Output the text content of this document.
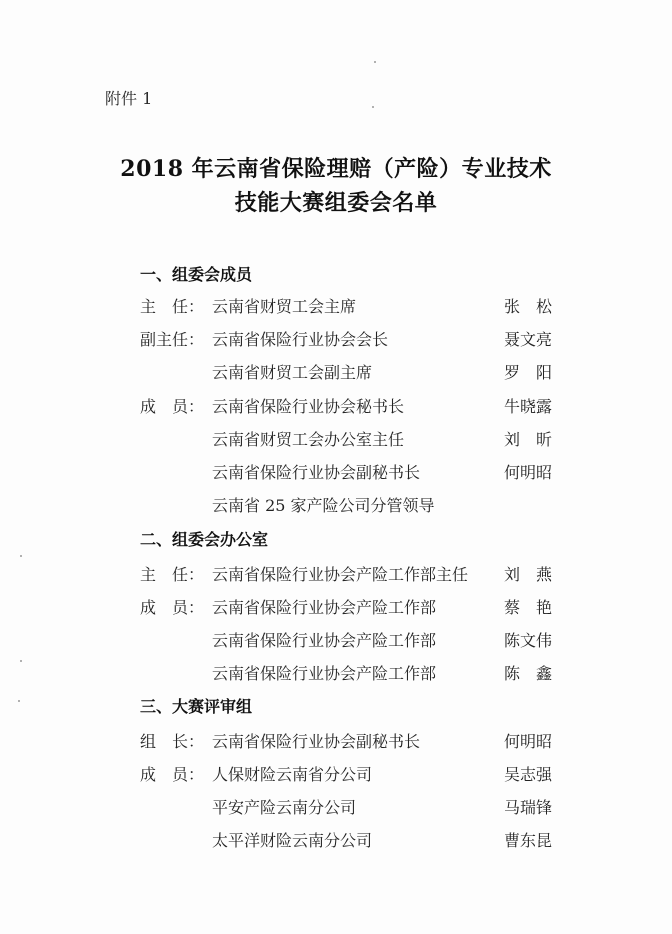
附件 1
2018 年云南省保险理赔（产险）专业技术
技能大赛组委会名单
一、组委会成员
主　任： 云南省财贸工会主席	张　松
副主任： 云南省保险行业协会会长	聂文亮
云南省财贸工会副主席	罗　阳
成　员： 云南省保险行业协会秘书长	牛晓露
云南省财贸工会办公室主任	刘　昕
云南省保险行业协会副秘书长	何明昭
云南省 25 家产险公司分管领导
二、组委会办公室
主　任： 云南省保险行业协会产险工作部主任 刘　燕
成　员： 云南省保险行业协会产险工作部	蔡　艳
云南省保险行业协会产险工作部	陈文伟
云南省保险行业协会产险工作部	陈　鑫
三、大赛评审组
组　长： 云南省保险行业协会副秘书长	何明昭
成　员： 人保财险云南省分公司	吴志强
平安产险云南分公司	马瑞锋
太平洋财险云南分公司	曹东昆
